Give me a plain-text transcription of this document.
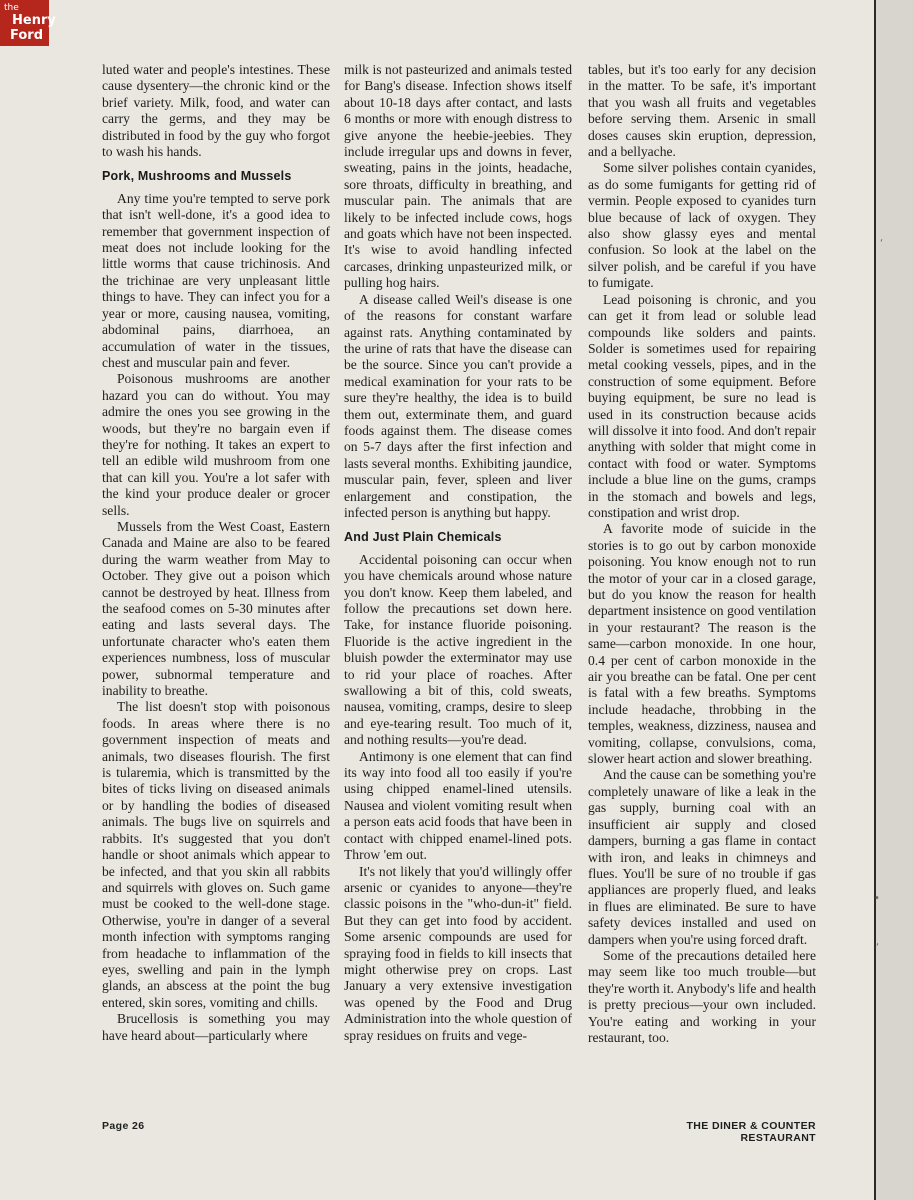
the
Henry
Ford

luted water and people's intestines. These cause dysentery—the chronic kind or the brief variety. Milk, food, and water can carry the germs, and they may be distributed in food by the guy who forgot to wash his hands.

Pork, Mushrooms and Mussels

Any time you're tempted to serve pork that isn't well-done, it's a good idea to remember that government inspection of meat does not include looking for the little worms that cause trichinosis. And the trichinae are very unpleasant little things to have. They can infect you for a year or more, causing nausea, vomiting, abdominal pains, diarrhoea, an accumulation of water in the tissues, chest and muscular pain and fever.

Poisonous mushrooms are another hazard you can do without. You may admire the ones you see growing in the woods, but they're no bargain even if they're for nothing. It takes an expert to tell an edible wild mushroom from one that can kill you. You're a lot safer with the kind your produce dealer or grocer sells.

Mussels from the West Coast, Eastern Canada and Maine are also to be feared during the warm weather from May to October. They give out a poison which cannot be destroyed by heat. Illness from the seafood comes on 5-30 minutes after eating and lasts several days. The unfortunate character who's eaten them experiences numbness, loss of muscular power, subnormal temperature and inability to breathe.

The list doesn't stop with poisonous foods. In areas where there is no government inspection of meats and animals, two diseases flourish. The first is tularemia, which is transmitted by the bites of ticks living on diseased animals or by handling the bodies of diseased animals. The bugs live on squirrels and rabbits. It's suggested that you don't handle or shoot animals which appear to be infected, and that you skin all rabbits and squirrels with gloves on. Such game must be cooked to the well-done stage. Otherwise, you're in danger of a several month infection with symptoms ranging from headache to inflammation of the eyes, swelling and pain in the lymph glands, an abscess at the point the bug entered, skin sores, vomiting and chills.

Brucellosis is something you may have heard about—particularly where

milk is not pasteurized and animals tested for Bang's disease. Infection shows itself about 10-18 days after contact, and lasts 6 months or more with enough distress to give anyone the heebie-jeebies. They include irregular ups and downs in fever, sweating, pains in the joints, headache, sore throats, difficulty in breathing, and muscular pain. The animals that are likely to be infected include cows, hogs and goats which have not been inspected. It's wise to avoid handling infected carcases, drinking unpasteurized milk, or pulling hog hairs.

A disease called Weil's disease is one of the reasons for constant warfare against rats. Anything contaminated by the urine of rats that have the disease can be the source. Since you can't provide a medical examination for your rats to be sure they're healthy, the idea is to build them out, exterminate them, and guard foods against them. The disease comes on 5-7 days after the first infection and lasts several months. Exhibiting jaundice, muscular pain, fever, spleen and liver enlargement and constipation, the infected person is anything but happy.

And Just Plain Chemicals

Accidental poisoning can occur when you have chemicals around whose nature you don't know. Keep them labeled, and follow the precautions set down here. Take, for instance fluoride poisoning. Fluoride is the active ingredient in the bluish powder the exterminator may use to rid your place of roaches. After swallowing a bit of this, cold sweats, nausea, vomiting, cramps, desire to sleep and eye-tearing result. Too much of it, and nothing results—you're dead.

Antimony is one element that can find its way into food all too easily if you're using chipped enamel-lined utensils. Nausea and violent vomiting result when a person eats acid foods that have been in contact with chipped enamel-lined pots. Throw 'em out.

It's not likely that you'd willingly offer arsenic or cyanides to anyone—they're classic poisons in the "who-dun-it" field. But they can get into food by accident. Some arsenic compounds are used for spraying food in fields to kill insects that might otherwise prey on crops. Last January a very extensive investigation was opened by the Food and Drug Administration into the whole question of spray residues on fruits and vege-

tables, but it's too early for any decision in the matter. To be safe, it's important that you wash all fruits and vegetables before serving them. Arsenic in small doses causes skin eruption, depression, and a bellyache.

Some silver polishes contain cyanides, as do some fumigants for getting rid of vermin. People exposed to cyanides turn blue because of lack of oxygen. They also show glassy eyes and mental confusion. So look at the label on the silver polish, and be careful if you have to fumigate.

Lead poisoning is chronic, and you can get it from lead or soluble lead compounds like solders and paints. Solder is sometimes used for repairing metal cooking vessels, pipes, and in the construction of some equipment. Before buying equipment, be sure no lead is used in its construction because acids will dissolve it into food. And don't repair anything with solder that might come in contact with food or water. Symptoms include a blue line on the gums, cramps in the stomach and bowels and legs, constipation and wrist drop.

A favorite mode of suicide in the stories is to go out by carbon monoxide poisoning. You know enough not to run the motor of your car in a closed garage, but do you know the reason for health department insistence on good ventilation in your restaurant? The reason is the same—carbon monoxide. In one hour, 0.4 per cent of carbon monoxide in the air you breathe can be fatal. One per cent is fatal with a few breaths. Symptoms include headache, throbbing in the temples, weakness, dizziness, nausea and vomiting, collapse, convulsions, coma, slower heart action and slower breathing.

And the cause can be something you're completely unaware of like a leak in the gas supply, burning coal with an insufficient air supply and closed dampers, burning a gas flame in contact with iron, and leaks in chimneys and flues. You'll be sure of no trouble if gas appliances are properly flued, and leaks in flues are eliminated. Be sure to have safety devices installed and used on dampers when you're using forced draft.

Some of the precautions detailed here may seem like too much trouble—but they're worth it. Anybody's life and health is pretty precious—your own included. You're eating and working in your restaurant, too.

Page 26	THE DINER & COUNTER RESTAURANT
‘
•
‘
